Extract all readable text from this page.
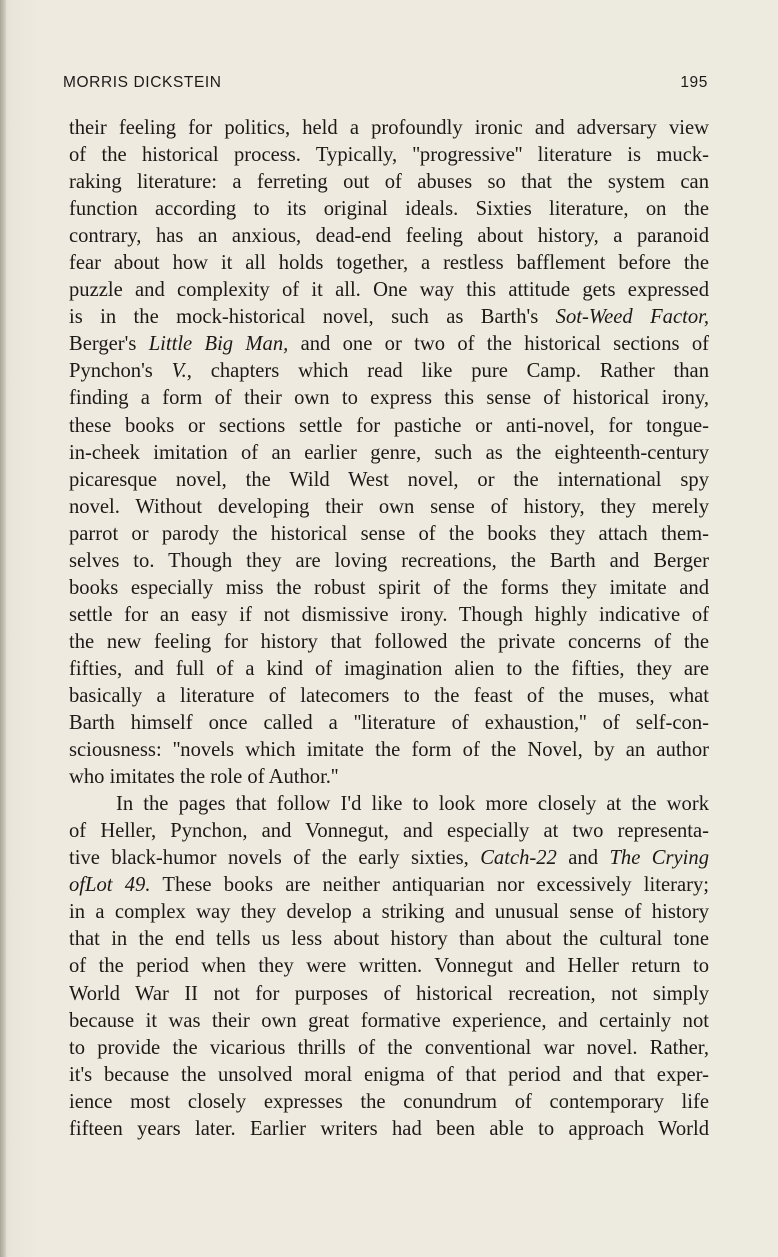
MORRIS DICKSTEIN	195
their feeling for politics, held a profoundly ironic and adversary view
of the historical process. Typically, ''progressive'' literature is muck-
raking literature: a ferreting out of abuses so that the system can
function according to its original ideals. Sixties literature, on the
contrary, has an anxious, dead-end feeling about history, a paranoid
fear about how it all holds together, a restless bafflement before the
puzzle and complexity of it all. One way this attitude gets expressed
is in the mock-historical novel, such as Barth's Sot-Weed Factor,
Berger's Little Big Man, and one or two of the historical sections of
Pynchon's V., chapters which read like pure Camp. Rather than
finding a form of their own to express this sense of historical irony,
these books or sections settle for pastiche or anti-novel, for tongue-
in-cheek imitation of an earlier genre, such as the eighteenth-century
picaresque novel, the Wild West novel, or the international spy
novel. Without developing their own sense of history, they merely
parrot or parody the historical sense of the books they attach them-
selves to. Though they are loving recreations, the Barth and Berger
books especially miss the robust spirit of the forms they imitate and
settle for an easy if not dismissive irony. Though highly indicative of
the new feeling for history that followed the private concerns of the
fifties, and full of a kind of imagination alien to the fifties, they are
basically a literature of latecomers to the feast of the muses, what
Barth himself once called a ''literature of exhaustion,'' of self-con-
sciousness: ''novels which imitate the form of the Novel, by an author
who imitates the role of Author.''
In the pages that follow I'd like to look more closely at the work
of Heller, Pynchon, and Vonnegut, and especially at two representa-
tive black-humor novels of the early sixties, Catch-22 and The Crying
ofLot 49. These books are neither antiquarian nor excessively literary;
in a complex way they develop a striking and unusual sense of history
that in the end tells us less about history than about the cultural tone
of the period when they were written. Vonnegut and Heller return to
World War II not for purposes of historical recreation, not simply
because it was their own great formative experience, and certainly not
to provide the vicarious thrills of the conventional war novel. Rather,
it's because the unsolved moral enigma of that period and that exper-
ience most closely expresses the conundrum of contemporary life
fifteen years later. Earlier writers had been able to approach World
